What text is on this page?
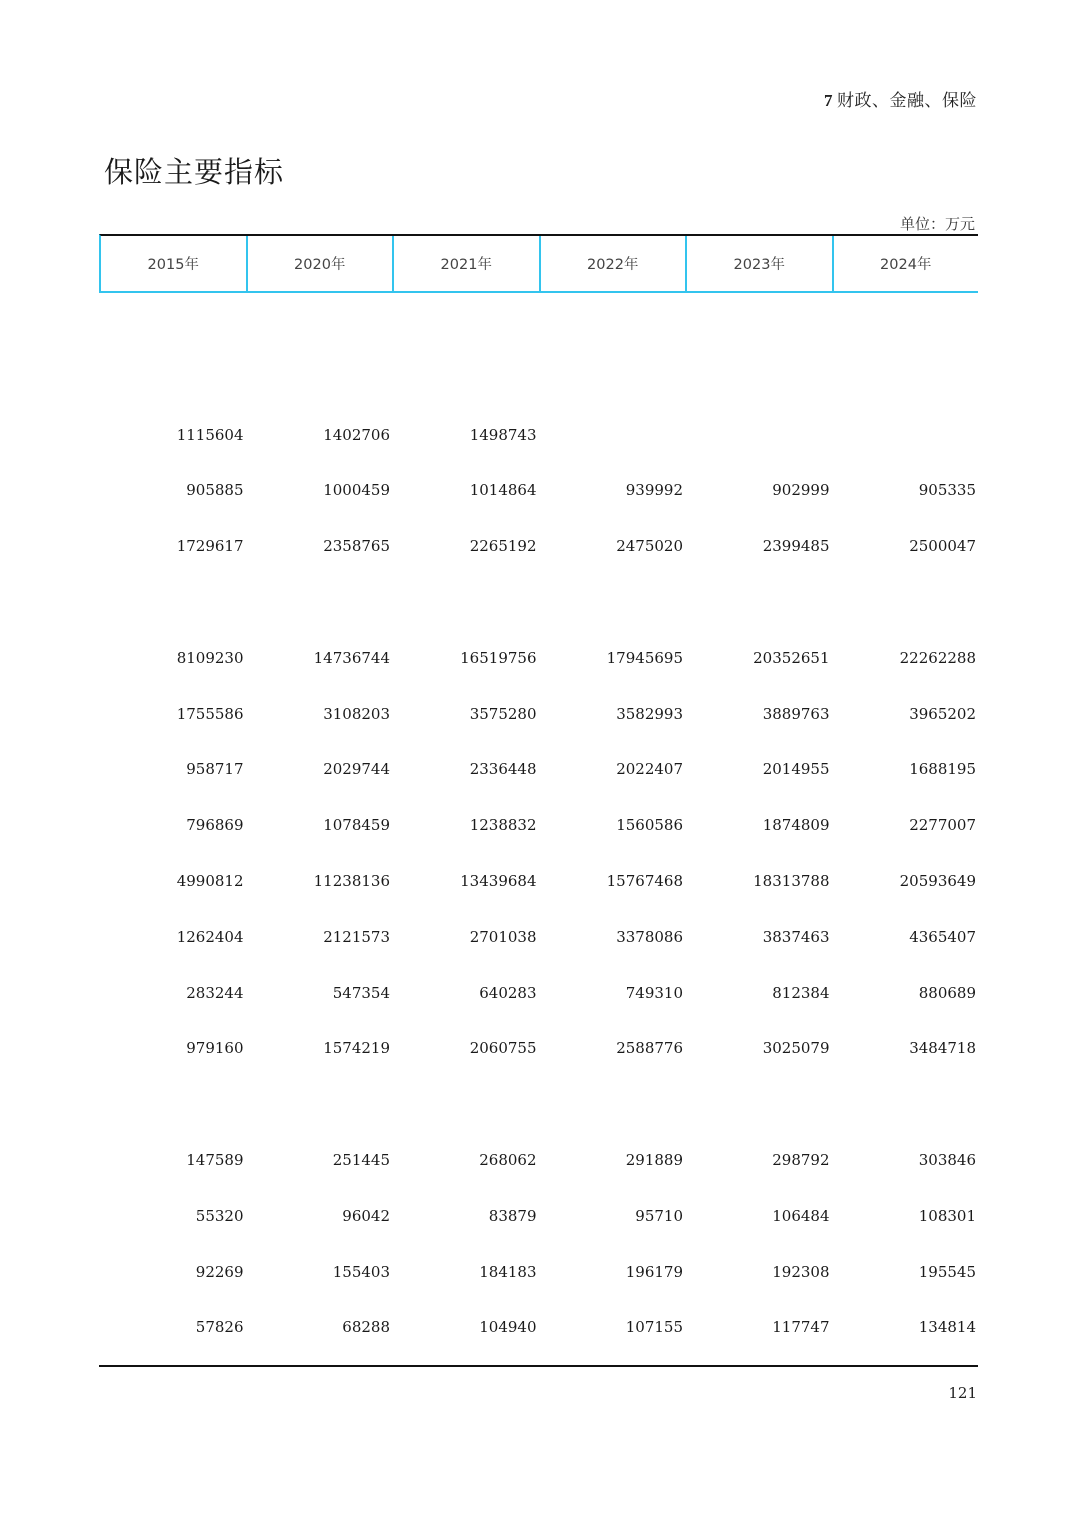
7 财政、金融、保险
保险主要指标
单位：万元
2015年	2020年	2021年	2022年	2023年	2024年
1115604	1402706	1498743
905885	1000459	1014864	939992	902999	905335
1729617	2358765	2265192	2475020	2399485	2500047
8109230	14736744	16519756	17945695	20352651	22262288
1755586	3108203	3575280	3582993	3889763	3965202
958717	2029744	2336448	2022407	2014955	1688195
796869	1078459	1238832	1560586	1874809	2277007
4990812	11238136	13439684	15767468	18313788	20593649
1262404	2121573	2701038	3378086	3837463	4365407
283244	547354	640283	749310	812384	880689
979160	1574219	2060755	2588776	3025079	3484718
147589	251445	268062	291889	298792	303846
55320	96042	83879	95710	106484	108301
92269	155403	184183	196179	192308	195545
57826	68288	104940	107155	117747	134814
121
